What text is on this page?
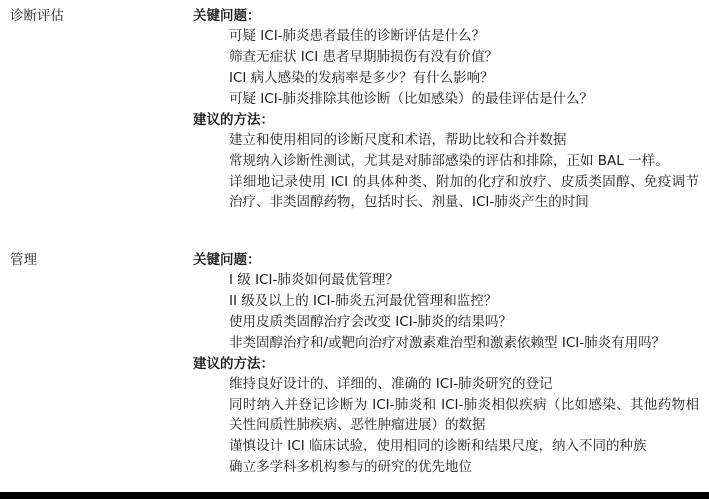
诊断评估	关键问题：

可疑 ICI-肺炎患者最佳的诊断评估是什么？
筛查无症状 ICI 患者早期肺损伤有没有价值？
ICI 病人感染的发病率是多少？有什么影响？
可疑 ICI-肺炎排除其他诊断（比如感染）的最佳评估是什么？

建议的方法：

建立和使用相同的诊断尺度和术语，帮助比较和合并数据
常规纳入诊断性测试，尤其是对肺部感染的评估和排除，正如 BAL 一样。
详细地记录使用 ICI 的具体种类、附加的化疗和放疗、皮质类固醇、免疫调节治疗、非类固醇药物，包括时长、剂量、ICI-肺炎产生的时间
管理	关键问题：

I 级 ICI-肺炎如何最优管理？
II 级及以上的 ICI-肺炎五河最优管理和监控？
使用皮质类固醇治疗会改变 ICI-肺炎的结果吗？
非类固醇治疗和/或靶向治疗对激素难治型和激素依赖型 ICI-肺炎有用吗？

建议的方法：

维持良好设计的、详细的、准确的 ICI-肺炎研究的登记
同时纳入并登记诊断为 ICI-肺炎和 ICI-肺炎相似疾病（比如感染、其他药物相关性间质性肺疾病、恶性肿瘤进展）的数据
谨慎设计 ICI 临床试验，使用相同的诊断和结果尺度，纳入不同的种族
确立多学科多机构参与的研究的优先地位
